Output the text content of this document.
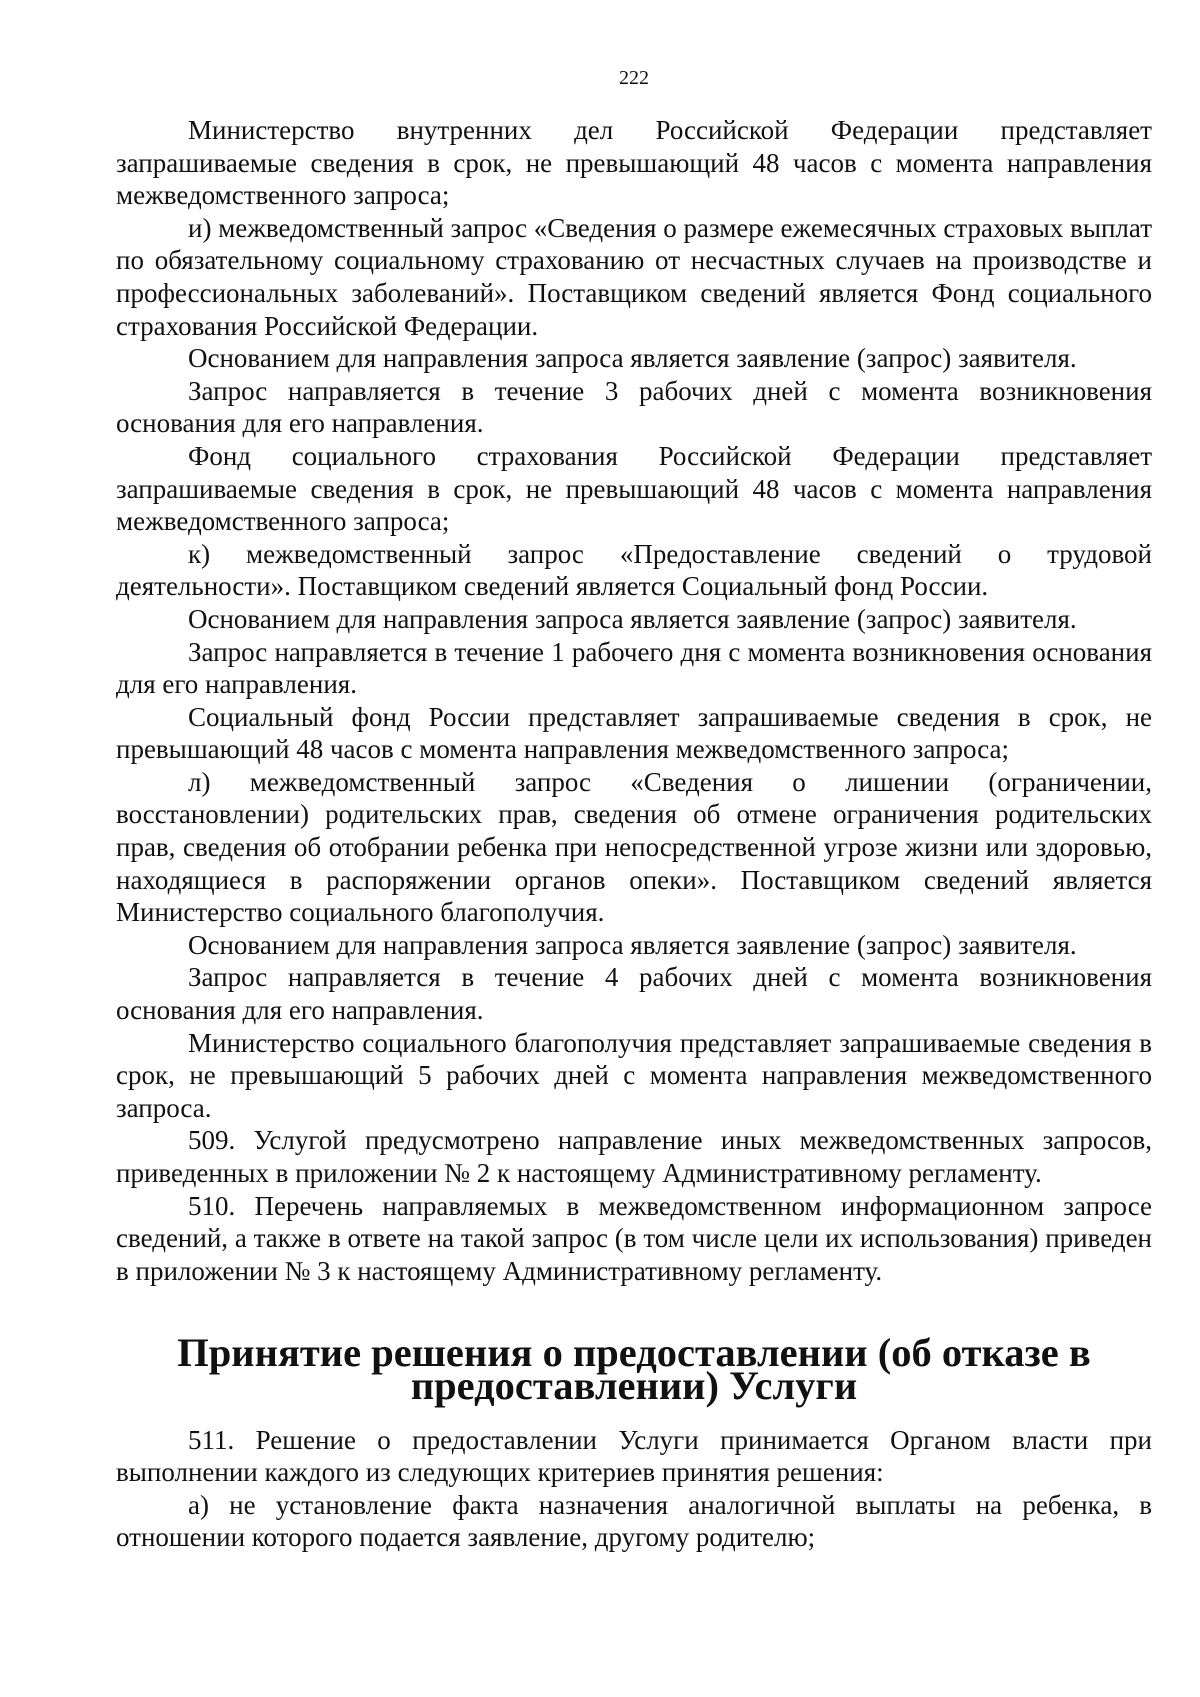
222

Министерство внутренних дел Российской Федерации представляет запрашиваемые сведения в срок, не превышающий 48 часов с момента направления межведомственного запроса;

и) межведомственный запрос «Сведения о размере ежемесячных страховых выплат по обязательному социальному страхованию от несчастных случаев на производстве и профессиональных заболеваний». Поставщиком сведений является Фонд социального страхования Российской Федерации.

Основанием для направления запроса является заявление (запрос) заявителя.

Запрос направляется в течение 3 рабочих дней с момента возникновения основания для его направления.

Фонд социального страхования Российской Федерации представляет запрашиваемые сведения в срок, не превышающий 48 часов с момента направления межведомственного запроса;

к) межведомственный запрос «Предоставление сведений о трудовой деятельности». Поставщиком сведений является Социальный фонд России.

Основанием для направления запроса является заявление (запрос) заявителя.

Запрос направляется в течение 1 рабочего дня с момента возникновения основания для его направления.

Социальный фонд России представляет запрашиваемые сведения в срок, не превышающий 48 часов с момента направления межведомственного запроса;

л) межведомственный запрос «Сведения о лишении (ограничении, восстановлении) родительских прав, сведения об отмене ограничения родительских прав, сведения об отобрании ребенка при непосредственной угрозе жизни или здоровью, находящиеся в распоряжении органов опеки». Поставщиком сведений является Министерство социального благополучия.

Основанием для направления запроса является заявление (запрос) заявителя.

Запрос направляется в течение 4 рабочих дней с момента возникновения основания для его направления.

Министерство социального благополучия представляет запрашиваемые сведения в срок, не превышающий 5 рабочих дней с момента направления межведомственного запроса.

509. Услугой предусмотрено направление иных межведомственных запросов, приведенных в приложении № 2 к настоящему Административному регламенту.

510. Перечень направляемых в межведомственном информационном запросе сведений, а также в ответе на такой запрос (в том числе цели их использования) приведен в приложении № 3 к настоящему Административному регламенту.

Принятие решения о предоставлении (об отказе в предоставлении) Услуги

511. Решение о предоставлении Услуги принимается Органом власти при выполнении каждого из следующих критериев принятия решения:

а) не установление факта назначения аналогичной выплаты на ребенка, в отношении которого подается заявление, другому родителю;
